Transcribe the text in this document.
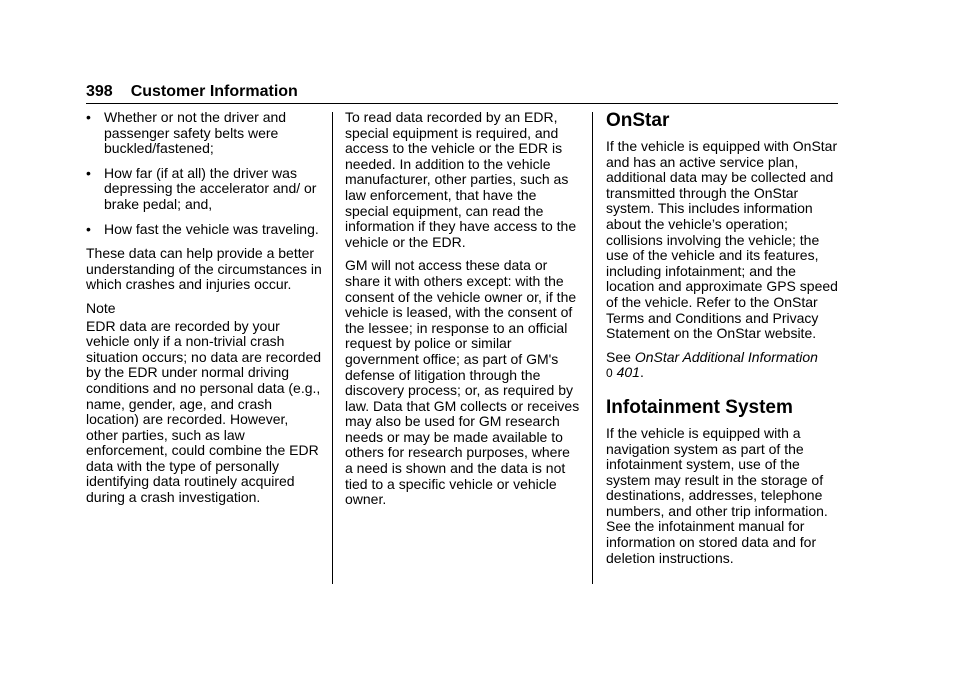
398 Customer Information
• Whether or not the driver and passenger safety belts were buckled/fastened;
• How far (if at all) the driver was depressing the accelerator and/ or brake pedal; and,
• How fast the vehicle was traveling.

These data can help provide a better understanding of the circumstances in which crashes and injuries occur.

Note

EDR data are recorded by your vehicle only if a non-trivial crash situation occurs; no data are recorded by the EDR under normal driving conditions and no personal data (e.g., name, gender, age, and crash location) are recorded. However, other parties, such as law enforcement, could combine the EDR data with the type of personally identifying data routinely acquired during a crash investigation.

To read data recorded by an EDR, special equipment is required, and access to the vehicle or the EDR is needed. In addition to the vehicle manufacturer, other parties, such as law enforcement, that have the special equipment, can read the information if they have access to the vehicle or the EDR.

GM will not access these data or share it with others except: with the consent of the vehicle owner or, if the vehicle is leased, with the consent of the lessee; in response to an official request by police or similar government office; as part of GM's defense of litigation through the discovery process; or, as required by law. Data that GM collects or receives may also be used for GM research needs or may be made available to others for research purposes, where a need is shown and the data is not tied to a specific vehicle or vehicle owner.

OnStar

If the vehicle is equipped with OnStar and has an active service plan, additional data may be collected and transmitted through the OnStar system. This includes information about the vehicle’s operation; collisions involving the vehicle; the use of the vehicle and its features, including infotainment; and the location and approximate GPS speed of the vehicle. Refer to the OnStar Terms and Conditions and Privacy Statement on the OnStar website.

See OnStar Additional Information
0 401.

Infotainment System

If the vehicle is equipped with a navigation system as part of the infotainment system, use of the system may result in the storage of destinations, addresses, telephone numbers, and other trip information. See the infotainment manual for information on stored data and for deletion instructions.
